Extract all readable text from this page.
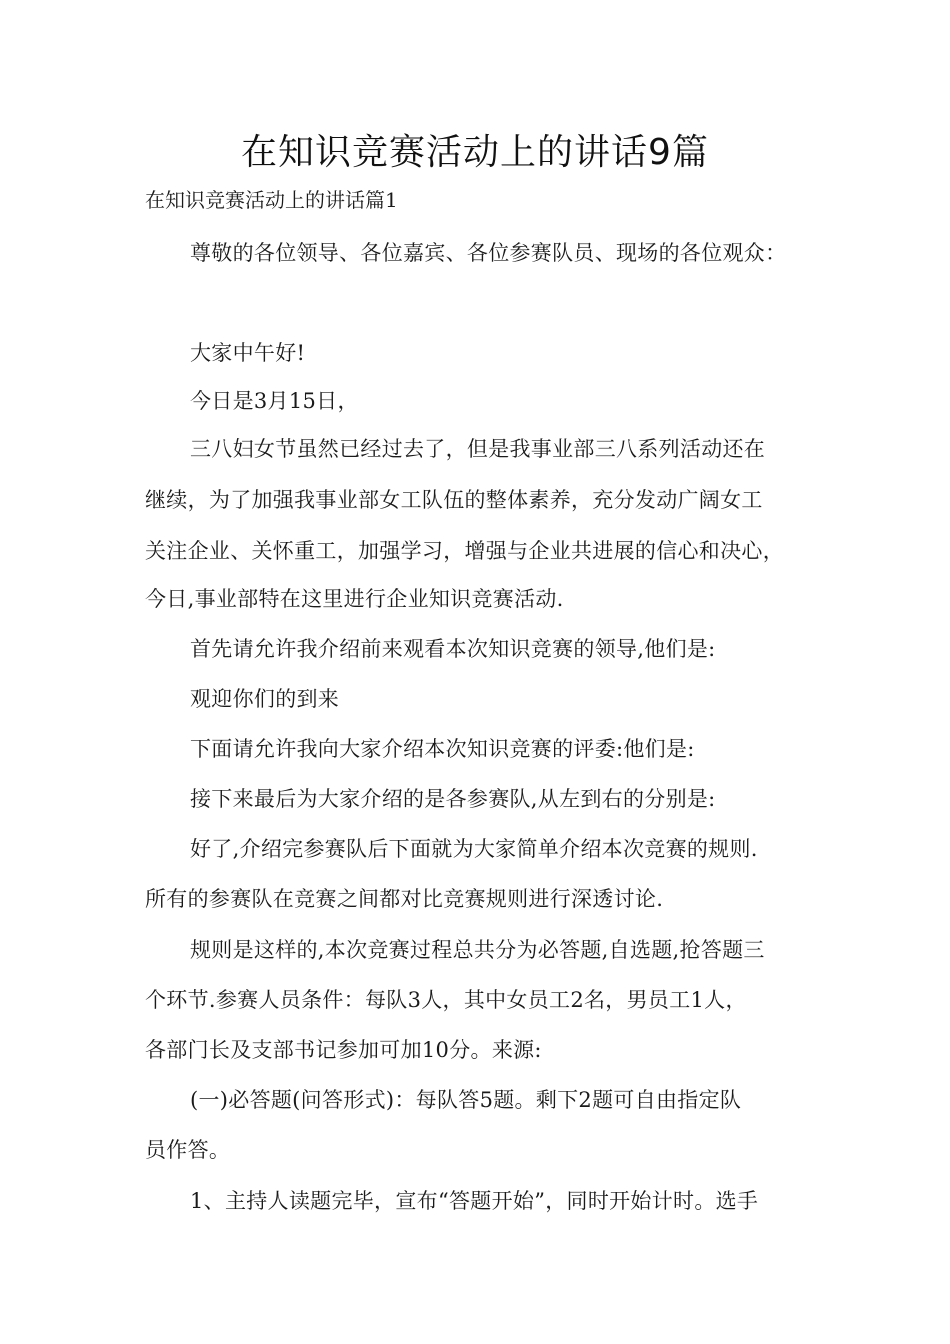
在知识竞赛活动上的讲话9篇
在知识竞赛活动上的讲话篇1
尊敬的各位领导、各位嘉宾、各位参赛队员、现场的各位观众：
大家中午好!
今日是3月15日，
三八妇女节虽然已经过去了，但是我事业部三八系列活动还在
继续，为了加强我事业部女工队伍的整体素养，充分发动广阔女工
关注企业、关怀重工，加强学习，增强与企业共进展的信心和决心，
今日,事业部特在这里进行企业知识竞赛活动.
首先请允许我介绍前来观看本次知识竞赛的领导,他们是:
观迎你们的到来
下面请允许我向大家介绍本次知识竞赛的评委:他们是:
接下来最后为大家介绍的是各参赛队,从左到右的分别是:
好了,介绍完参赛队后下面就为大家简单介绍本次竞赛的规则.
所有的参赛队在竞赛之间都对比竞赛规则进行深透讨论.
规则是这样的,本次竞赛过程总共分为必答题,自选题,抢答题三
个环节.参赛人员条件：每队3人，其中女员工2名，男员工1人，
各部门长及支部书记参加可加10分。来源:
(一)必答题(问答形式)：每队答5题。剩下2题可自由指定队
员作答。
1、主持人读题完毕，宣布“答题开始”，同时开始计时。选手
